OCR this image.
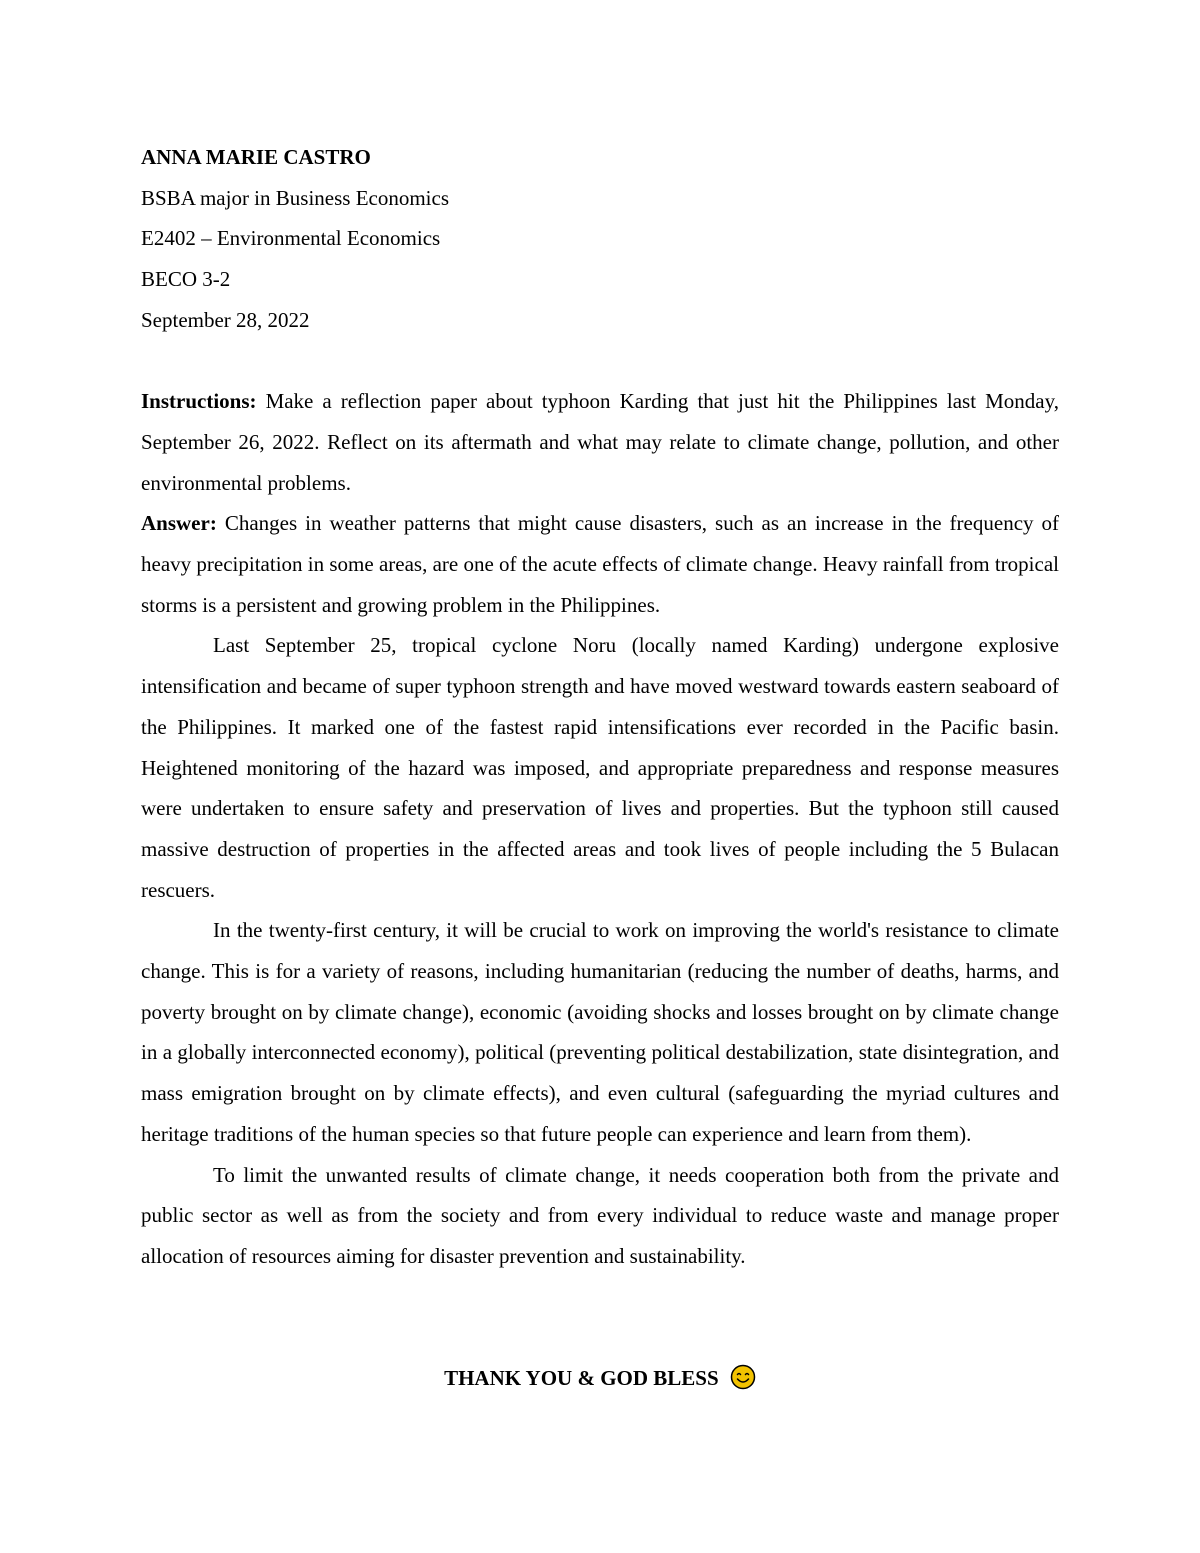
ANNA MARIE CASTRO

BSBA major in Business Economics

E2402 – Environmental Economics

BECO 3-2

September 28, 2022

Instructions: Make a reflection paper about typhoon Karding that just hit the Philippines last Monday, September 26, 2022. Reflect on its aftermath and what may relate to climate change, pollution, and other environmental problems.

Answer: Changes in weather patterns that might cause disasters, such as an increase in the frequency of heavy precipitation in some areas, are one of the acute effects of climate change. Heavy rainfall from tropical storms is a persistent and growing problem in the Philippines.

Last September 25, tropical cyclone Noru (locally named Karding) undergone explosive intensification and became of super typhoon strength and have moved westward towards eastern seaboard of the Philippines. It marked one of the fastest rapid intensifications ever recorded in the Pacific basin. Heightened monitoring of the hazard was imposed, and appropriate preparedness and response measures were undertaken to ensure safety and preservation of lives and properties. But the typhoon still caused massive destruction of properties in the affected areas and took lives of people including the 5 Bulacan rescuers.

In the twenty-first century, it will be crucial to work on improving the world's resistance to climate change. This is for a variety of reasons, including humanitarian (reducing the number of deaths, harms, and poverty brought on by climate change), economic (avoiding shocks and losses brought on by climate change in a globally interconnected economy), political (preventing political destabilization, state disintegration, and mass emigration brought on by climate effects), and even cultural (safeguarding the myriad cultures and heritage traditions of the human species so that future people can experience and learn from them).

To limit the unwanted results of climate change, it needs cooperation both from the private and public sector as well as from the society and from every individual to reduce waste and manage proper allocation of resources aiming for disaster prevention and sustainability.

THANK YOU & GOD BLESS
